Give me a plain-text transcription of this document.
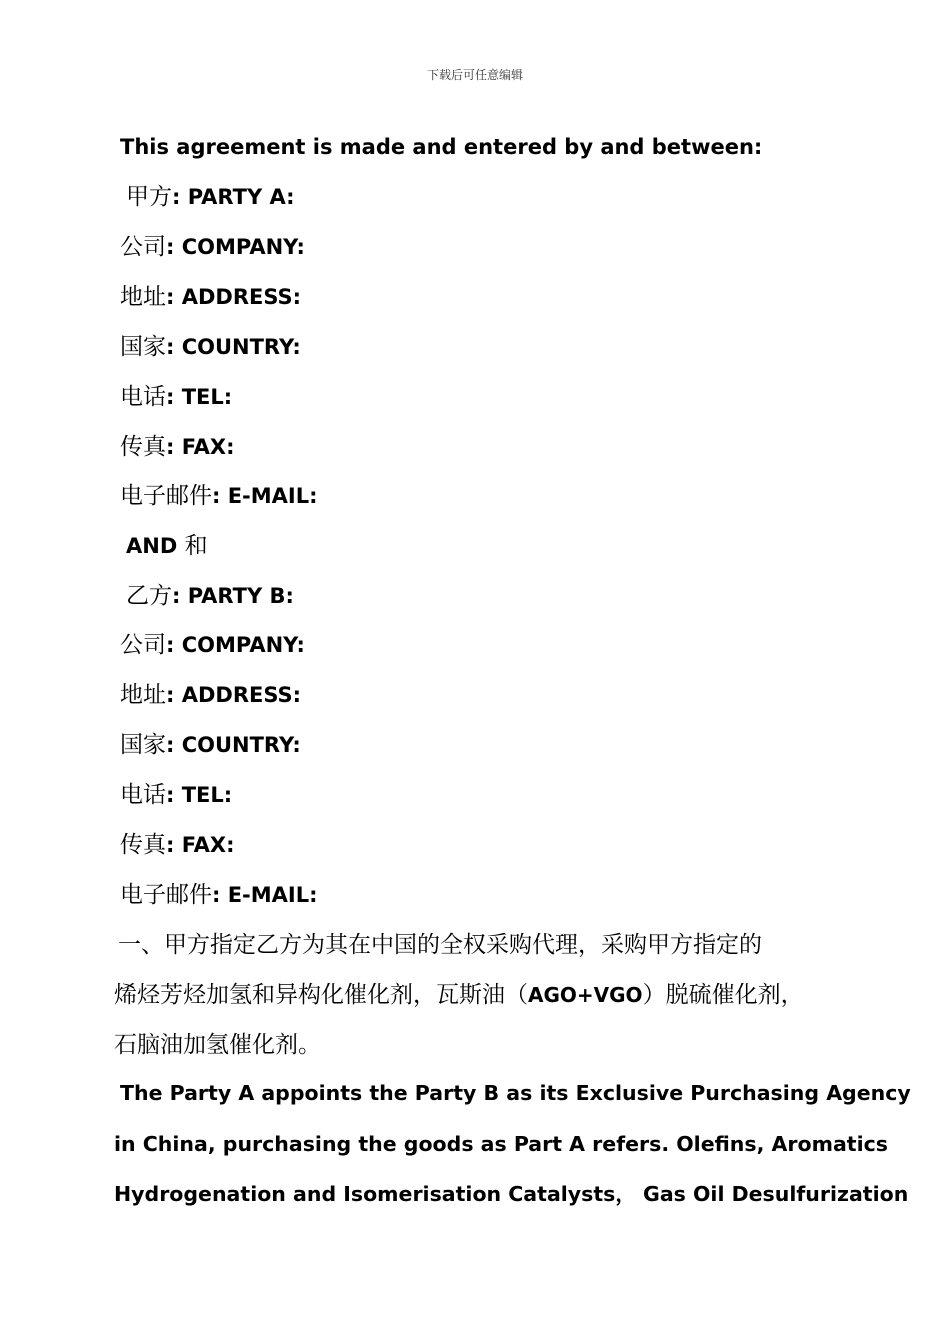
下载后可任意编辑
This agreement is made and entered by and between:
甲方: PARTY A:
公司: COMPANY:
地址: ADDRESS:
国家: COUNTRY:
电话: TEL:
传真: FAX:
电子邮件: E-MAIL:
AND 和
乙方: PARTY B:
公司: COMPANY:
地址: ADDRESS:
国家: COUNTRY:
电话: TEL:
传真: FAX:
电子邮件: E-MAIL:
一、甲方指定乙方为其在中国的全权采购代理，采购甲方指定的
烯烃芳烃加氢和异构化催化剂，瓦斯油（AGO+VGO）脱硫催化剂，
石脑油加氢催化剂。
The Party A appoints the Party B as its Exclusive Purchasing Agency
in China, purchasing the goods as Part A refers. Olefins, Aromatics
Hydrogenation and Isomerisation Catalysts， Gas Oil Desulfurization
